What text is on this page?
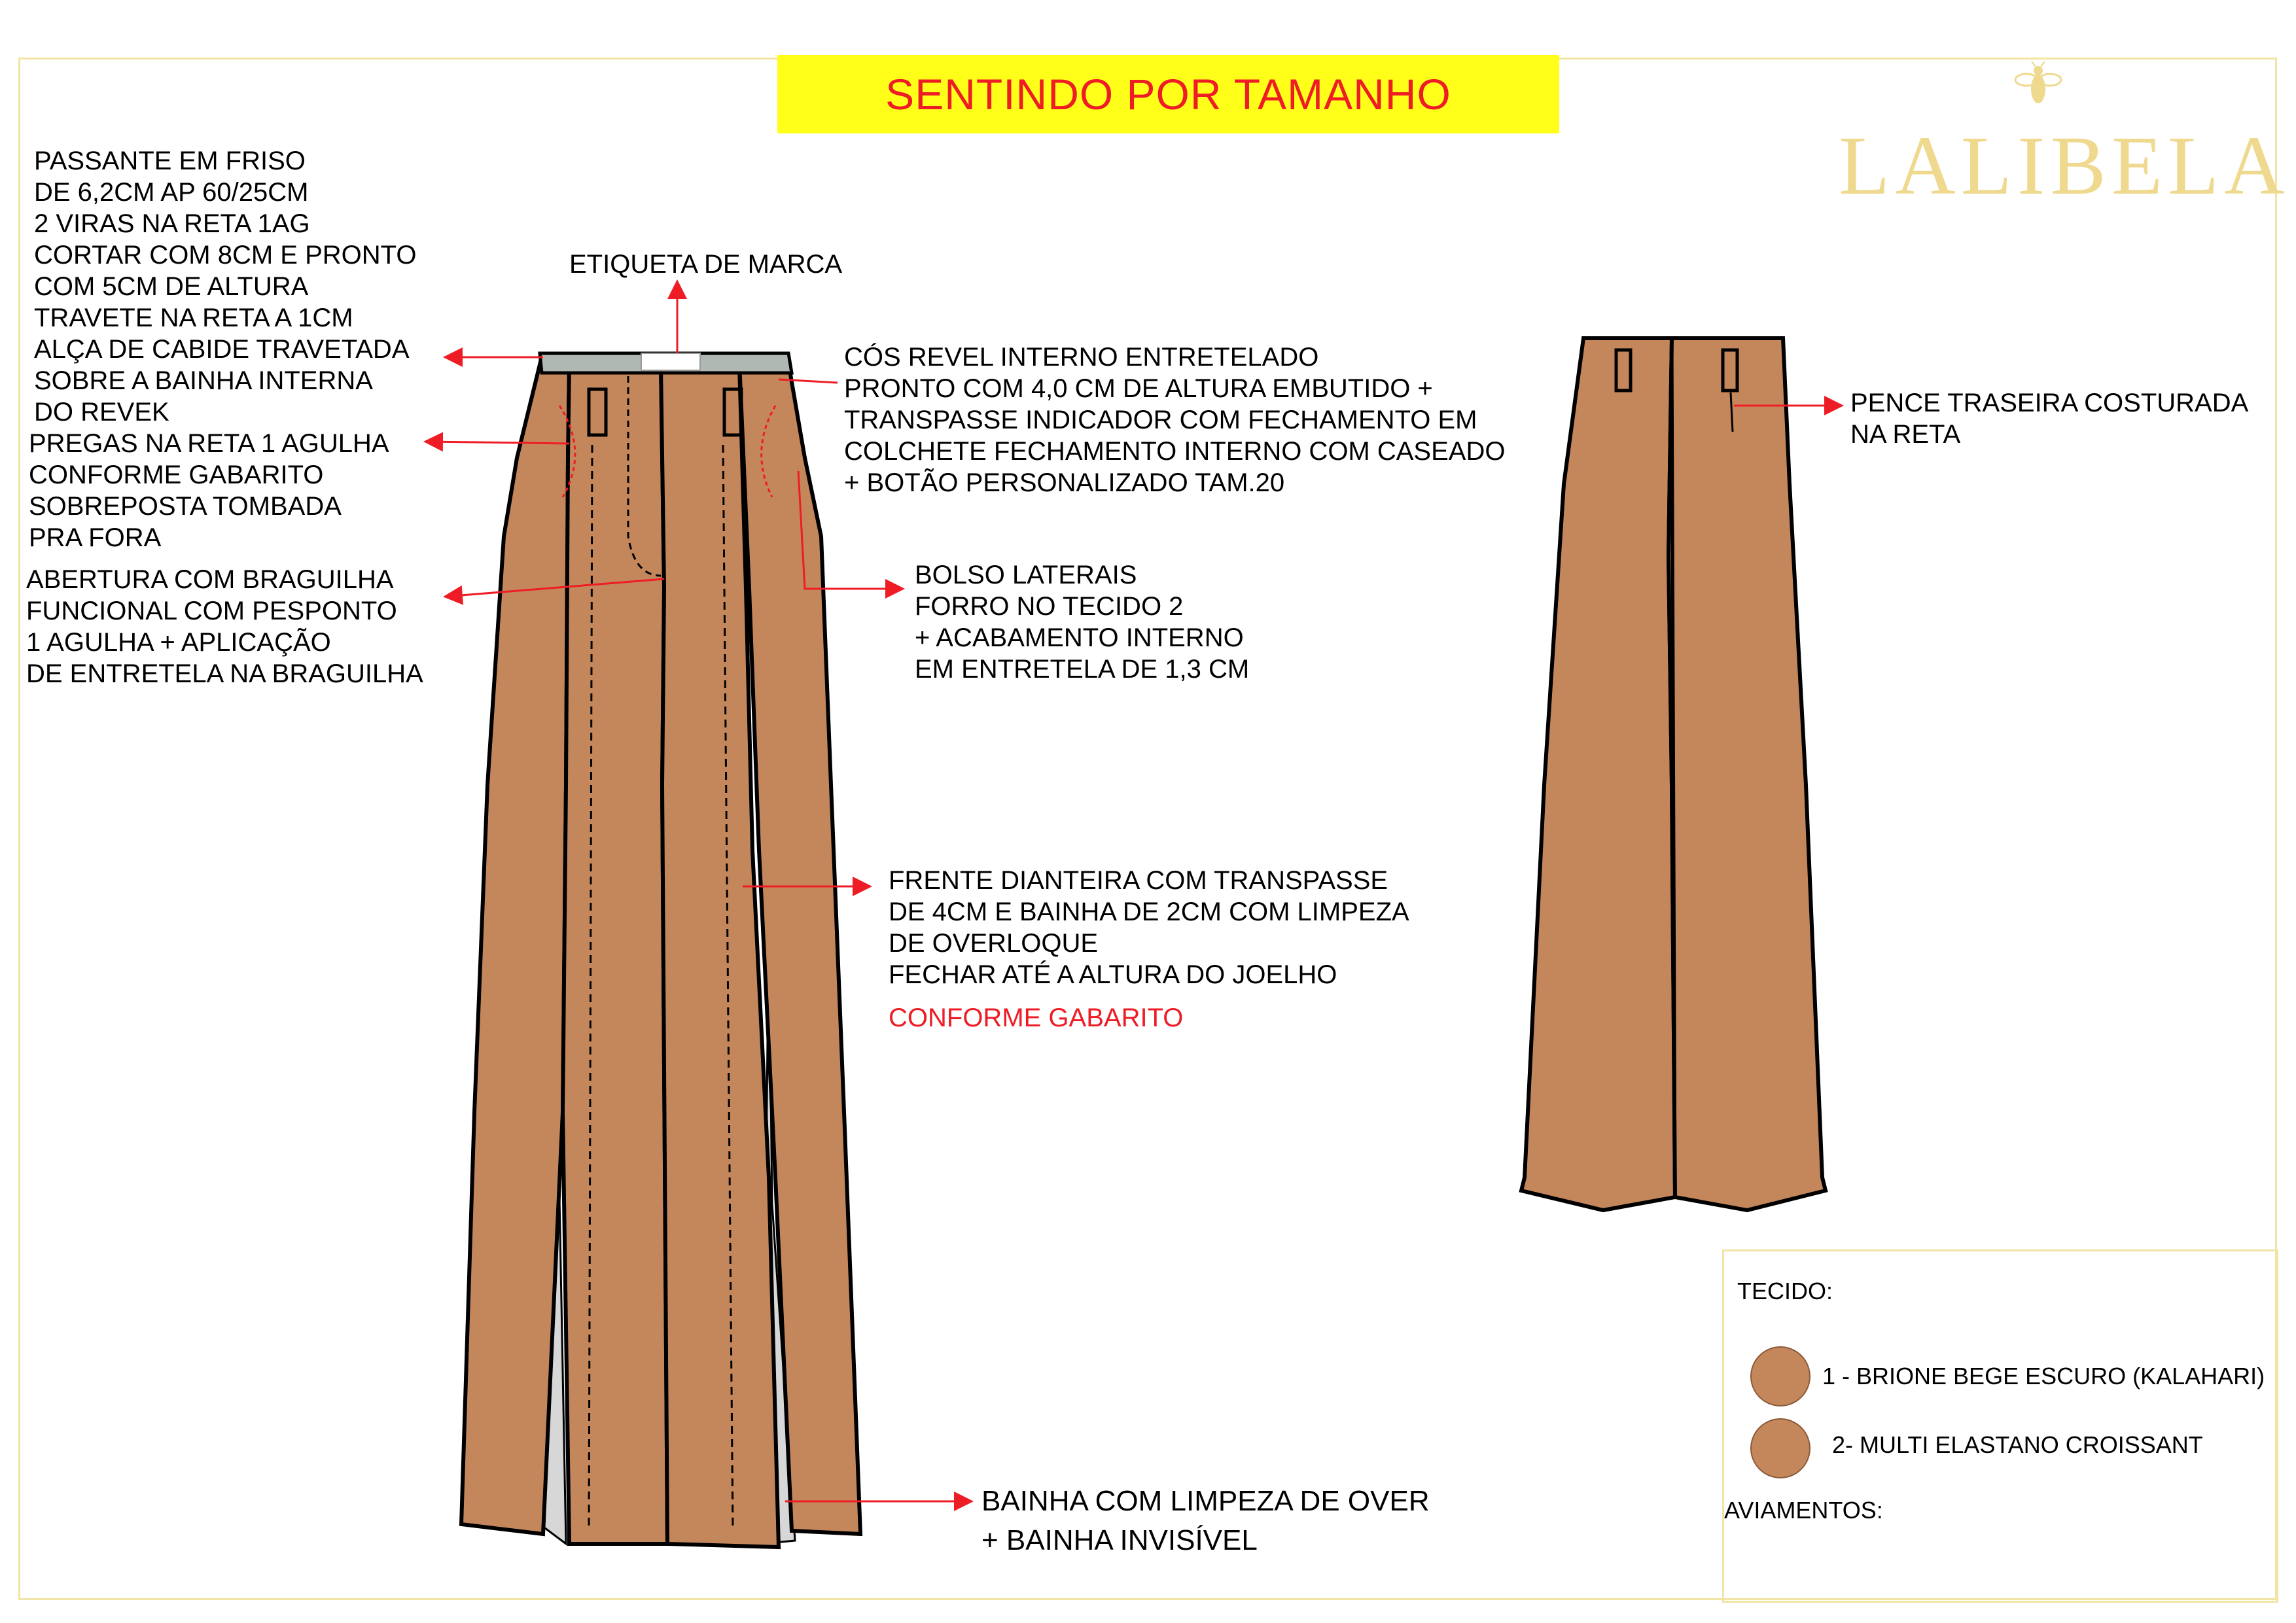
SENTINDO POR TAMANHO
LALIBELA
PASSANTE EM FRISO
DE 6,2CM AP 60/25CM
2 VIRAS NA RETA 1AG
CORTAR COM 8CM E PRONTO
COM 5CM DE ALTURA
TRAVETE NA RETA A 1CM
ALÇA DE CABIDE TRAVETADA
SOBRE A BAINHA INTERNA
DO REVEK
PREGAS NA RETA 1 AGULHA
CONFORME GABARITO
SOBREPOSTA TOMBADA
PRA FORA
ABERTURA COM BRAGUILHA
FUNCIONAL COM PESPONTO
1 AGULHA + APLICAÇÃO
DE ENTRETELA NA BRAGUILHA
ETIQUETA DE MARCA
CÓS REVEL INTERNO ENTRETELADO
PRONTO COM 4,0 CM DE ALTURA EMBUTIDO +
TRANSPASSE INDICADOR COM FECHAMENTO EM
COLCHETE FECHAMENTO INTERNO COM CASEADO
+ BOTÃO PERSONALIZADO TAM.20
BOLSO LATERAIS
FORRO NO TECIDO 2
+ ACABAMENTO INTERNO
EM ENTRETELA DE 1,3 CM
FRENTE DIANTEIRA COM TRANSPASSE
DE 4CM E BAINHA DE 2CM COM LIMPEZA
DE OVERLOQUE
FECHAR ATÉ A ALTURA DO JOELHO
CONFORME GABARITO
BAINHA COM LIMPEZA DE OVER
+ BAINHA INVISÍVEL
PENCE TRASEIRA COSTURADA
NA RETA
TECIDO:
1 - BRIONE BEGE ESCURO (KALAHARI)
2- MULTI ELASTANO CROISSANT
AVIAMENTOS:
